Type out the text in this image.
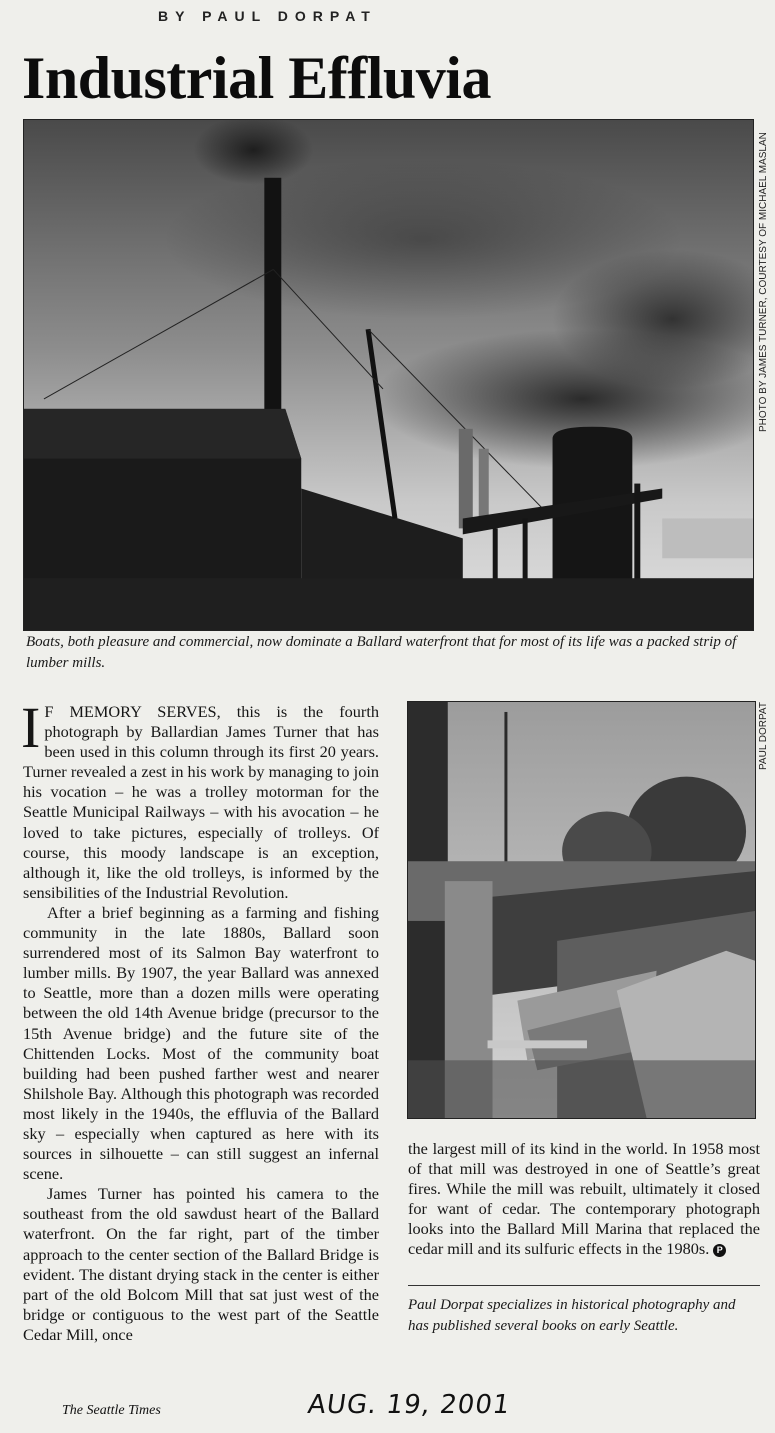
BY PAUL DORPAT
Industrial Effluvia
PHOTO BY JAMES TURNER, COURTESY OF MICHAEL MASLAN
Boats, both pleasure and commercial, now dominate a Ballard waterfront that for most of its life was a packed strip of lumber mills.

I F MEMORY SERVES, this is the fourth photograph by Ballardian James Turner that has been used in this column through its first 20 years. Turner revealed a zest in his work by managing to join his vocation – he was a trolley motorman for the Seattle Municipal Railways – with his avocation – he loved to take pictures, especially of trolleys. Of course, this moody landscape is an exception, although it, like the old trolleys, is informed by the sensibilities of the Industrial Revolution.

After a brief beginning as a farming and fishing community in the late 1880s, Ballard soon surrendered most of its Salmon Bay waterfront to lumber mills. By 1907, the year Ballard was annexed to Seattle, more than a dozen mills were operating between the old 14th Avenue bridge (precursor to the 15th Avenue bridge) and the future site of the Chittenden Locks. Most of the community boat building had been pushed farther west and nearer Shilshole Bay. Although this photograph was recorded most likely in the 1940s, the effluvia of the Ballard sky – especially when captured as here with its sources in silhouette – can still suggest an infernal scene.

James Turner has pointed his camera to the southeast from the old sawdust heart of the Ballard waterfront. On the far right, part of the timber approach to the center section of the Ballard Bridge is evident. The distant drying stack in the center is either part of the old Bolcom Mill that sat just west of the bridge or contiguous to the west part of the Seattle Cedar Mill, once

PAUL DORPAT

the largest mill of its kind in the world. In 1958 most of that mill was destroyed in one of Seattle’s great fires. While the mill was rebuilt, ultimately it closed for want of cedar. The contemporary photograph looks into the Ballard Mill Marina that replaced the cedar mill and its sulfuric effects in the 1980s. P

Paul Dorpat specializes in historical photography and has published several books on early Seattle.
The Seattle Times	AUG. 19, 2001
